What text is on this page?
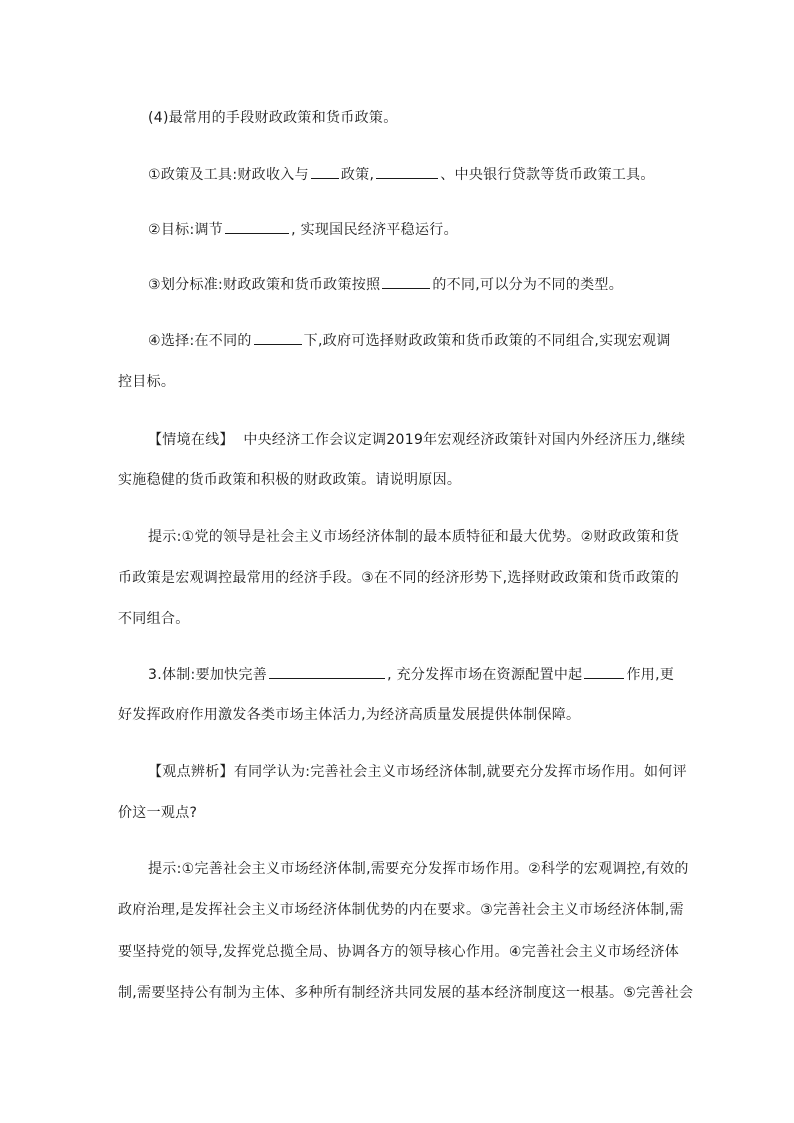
(4)最常用的手段财政政策和货币政策。
①政策及工具:财政收入与 政策,	、中央银行贷款等货币政策工具。
②目标:调节	, 实现国民经济平稳运行。
③划分标准:财政政策和货币政策按照	的不同,可以分为不同的类型。
④选择:在不同的	下,政府可选择财政政策和货币政策的不同组合,实现宏观调
控目标。
【情境在线】 中央经济工作会议定调2019年宏观经济政策针对国内外经济压力,继续
实施稳健的货币政策和积极的财政政策。请说明原因。
提示:①党的领导是社会主义市场经济体制的最本质特征和最大优势。②财政政策和货
币政策是宏观调控最常用的经济手段。③在不同的经济形势下,选择财政政策和货币政策的
不同组合。
3.体制:要加快完善	, 充分发挥市场在资源配置中起	作用,更
好发挥政府作用激发各类市场主体活力,为经济高质量发展提供体制保障。
【观点辨析】有同学认为:完善社会主义市场经济体制,就要充分发挥市场作用。如何评
价这一观点?
提示:①完善社会主义市场经济体制,需要充分发挥市场作用。②科学的宏观调控,有效的
政府治理,是发挥社会主义市场经济体制优势的内在要求。③完善社会主义市场经济体制,需
要坚持党的领导,发挥党总揽全局、协调各方的领导核心作用。④完善社会主义市场经济体
制,需要坚持公有制为主体、多种所有制经济共同发展的基本经济制度这一根基。⑤完善社会
